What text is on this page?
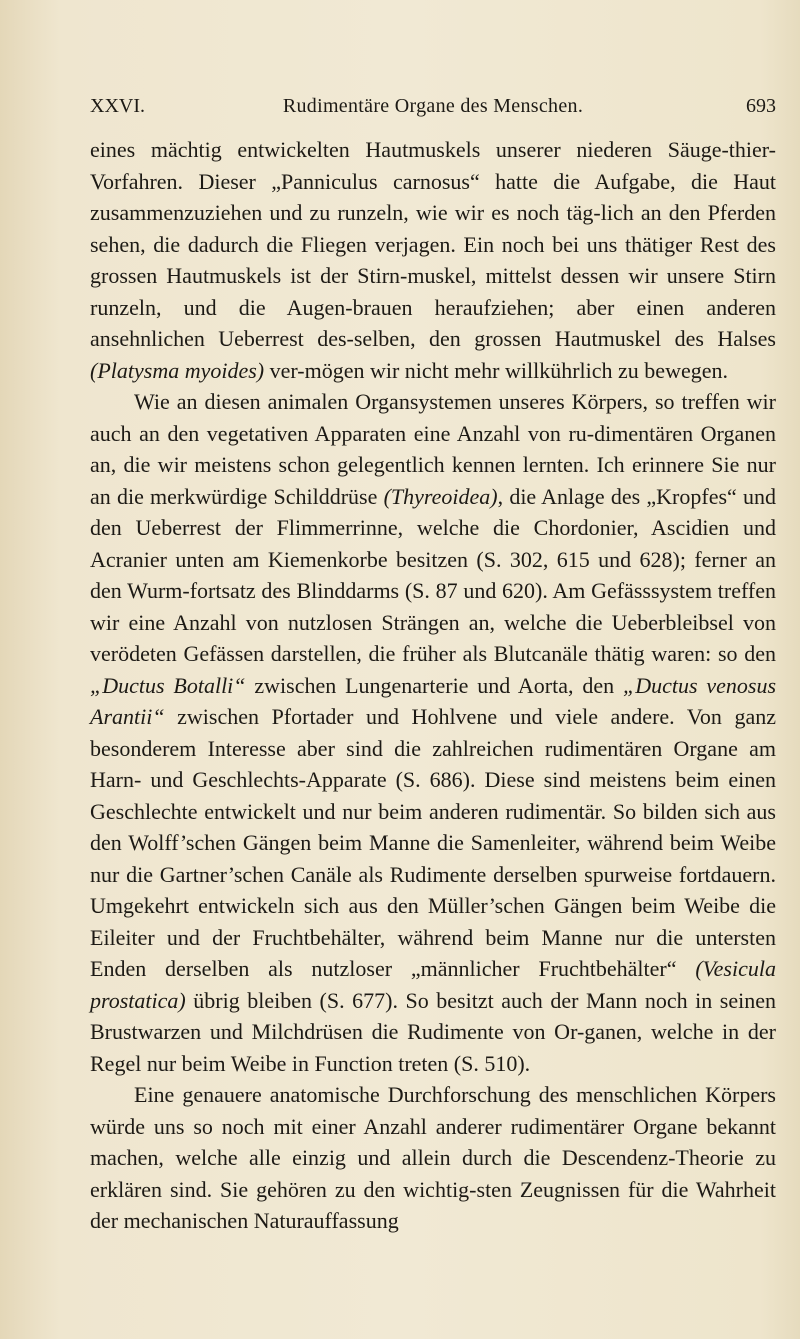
XXVI.	Rudimentäre Organe des Menschen.	693

eines mächtig entwickelten Hautmuskels unserer niederen Säuge-thier-Vorfahren. Dieser „Panniculus carnosus“ hatte die Aufgabe, die Haut zusammenzuziehen und zu runzeln, wie wir es noch täg-lich an den Pferden sehen, die dadurch die Fliegen verjagen. Ein noch bei uns thätiger Rest des grossen Hautmuskels ist der Stirn-muskel, mittelst dessen wir unsere Stirn runzeln, und die Augen-brauen heraufziehen; aber einen anderen ansehnlichen Ueberrest des-selben, den grossen Hautmuskel des Halses (Platysma myoides) ver-mögen wir nicht mehr willkührlich zu bewegen.

Wie an diesen animalen Organsystemen unseres Körpers, so treffen wir auch an den vegetativen Apparaten eine Anzahl von ru-dimentären Organen an, die wir meistens schon gelegentlich kennen lernten. Ich erinnere Sie nur an die merkwürdige Schilddrüse (Thyreoidea), die Anlage des „Kropfes“ und den Ueberrest der Flimmerrinne, welche die Chordonier, Ascidien und Acranier unten am Kiemenkorbe besitzen (S. 302, 615 und 628); ferner an den Wurm-fortsatz des Blinddarms (S. 87 und 620). Am Gefässsystem treffen wir eine Anzahl von nutzlosen Strängen an, welche die Ueberbleibsel von verödeten Gefässen darstellen, die früher als Blutcanäle thätig waren: so den „Ductus Botalli“ zwischen Lungenarterie und Aorta, den „Ductus venosus Arantii“ zwischen Pfortader und Hohlvene und viele andere. Von ganz besonderem Interesse aber sind die zahlreichen rudimentären Organe am Harn- und Geschlechts-Apparate (S. 686). Diese sind meistens beim einen Geschlechte entwickelt und nur beim anderen rudimentär. So bilden sich aus den Wolff’schen Gängen beim Manne die Samenleiter, während beim Weibe nur die Gartner’schen Canäle als Rudimente derselben spurweise fortdauern. Umgekehrt entwickeln sich aus den Müller’schen Gängen beim Weibe die Eileiter und der Fruchtbehälter, während beim Manne nur die untersten Enden derselben als nutzloser „männlicher Fruchtbehälter“ (Vesicula prostatica) übrig bleiben (S. 677). So besitzt auch der Mann noch in seinen Brustwarzen und Milchdrüsen die Rudimente von Or-ganen, welche in der Regel nur beim Weibe in Function treten (S. 510).

Eine genauere anatomische Durchforschung des menschlichen Körpers würde uns so noch mit einer Anzahl anderer rudimentärer Organe bekannt machen, welche alle einzig und allein durch die Descendenz-Theorie zu erklären sind. Sie gehören zu den wichtig-sten Zeugnissen für die Wahrheit der mechanischen Naturauffassung
